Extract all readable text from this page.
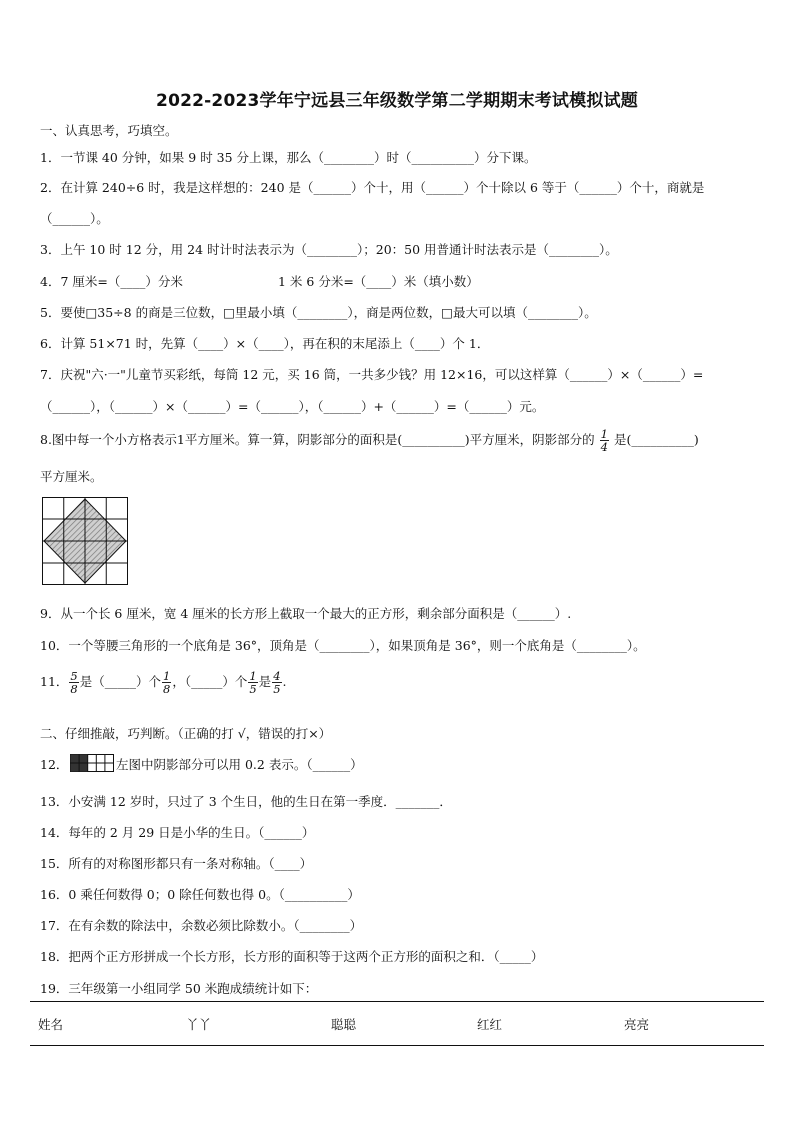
2022-2023学年宁远县三年级数学第二学期期末考试模拟试题
一、认真思考，巧填空。
1．一节课 40 分钟，如果 9 时 35 分上课，那么（________）时（__________）分下课。
2．在计算 240÷6 时，我是这样想的：240 是（______）个十，用（______）个十除以 6 等于（______）个十，商就是
（______）。
3．上午 10 时 12 分，用 24 时计时法表示为（________）；20：50 用普通计时法表示是（________）。
4．7 厘米=（____）分米	1 米 6 分米=（____）米（填小数）
5．要使□35÷8 的商是三位数，□里最小填（________），商是两位数，□最大可以填（________）。
6．计算 51×71 时，先算（____）×（____），再在积的末尾添上（____）个 1．
7．庆祝"六·一"儿童节买彩纸，每筒 12 元，买 16 筒，一共多少钱？用 12×16，可以这样算（______）×（______）=
（______），（______）×（______）=（______），（______）+（______）=（______）元。
8.图中每一个小方格表示1平方厘米。算一算，阴影部分的面积是(__________)平方厘米，阴影部分的 $\frac{1}{4}$ 是(__________)
平方厘米。
9．从一个长 6 厘米，宽 4 厘米的长方形上截取一个最大的正方形，剩余部分面积是（______）.
10．一个等腰三角形的一个底角是 36°，顶角是（________），如果顶角是 36°，则一个底角是（________）。
11． $\frac{5}{8}$ 是（_____）个 $\frac{1}{8}$ ，（_____）个 $\frac{1}{5}$ 是 $\frac{4}{5}$ .
二、仔细推敲，巧判断。（正确的打 √，错误的打×）
12．	左图中阴影部分可以用 0.2 表示。（______）
13．小安满 12 岁时，只过了 3 个生日，他的生日在第一季度．_______．
14．每年的 2 月 29 日是小华的生日。（______）
15．所有的对称图形都只有一条对称轴。（____）
16．0 乘任何数得 0；0 除任何数也得 0。（__________）
17．在有余数的除法中，余数必须比除数小。（________）
18．把两个正方形拼成一个长方形，长方形的面积等于这两个正方形的面积之和．（_____）
19．三年级第一小组同学 50 米跑成绩统计如下：
姓名	丫丫	聪聪	红红	亮亮
